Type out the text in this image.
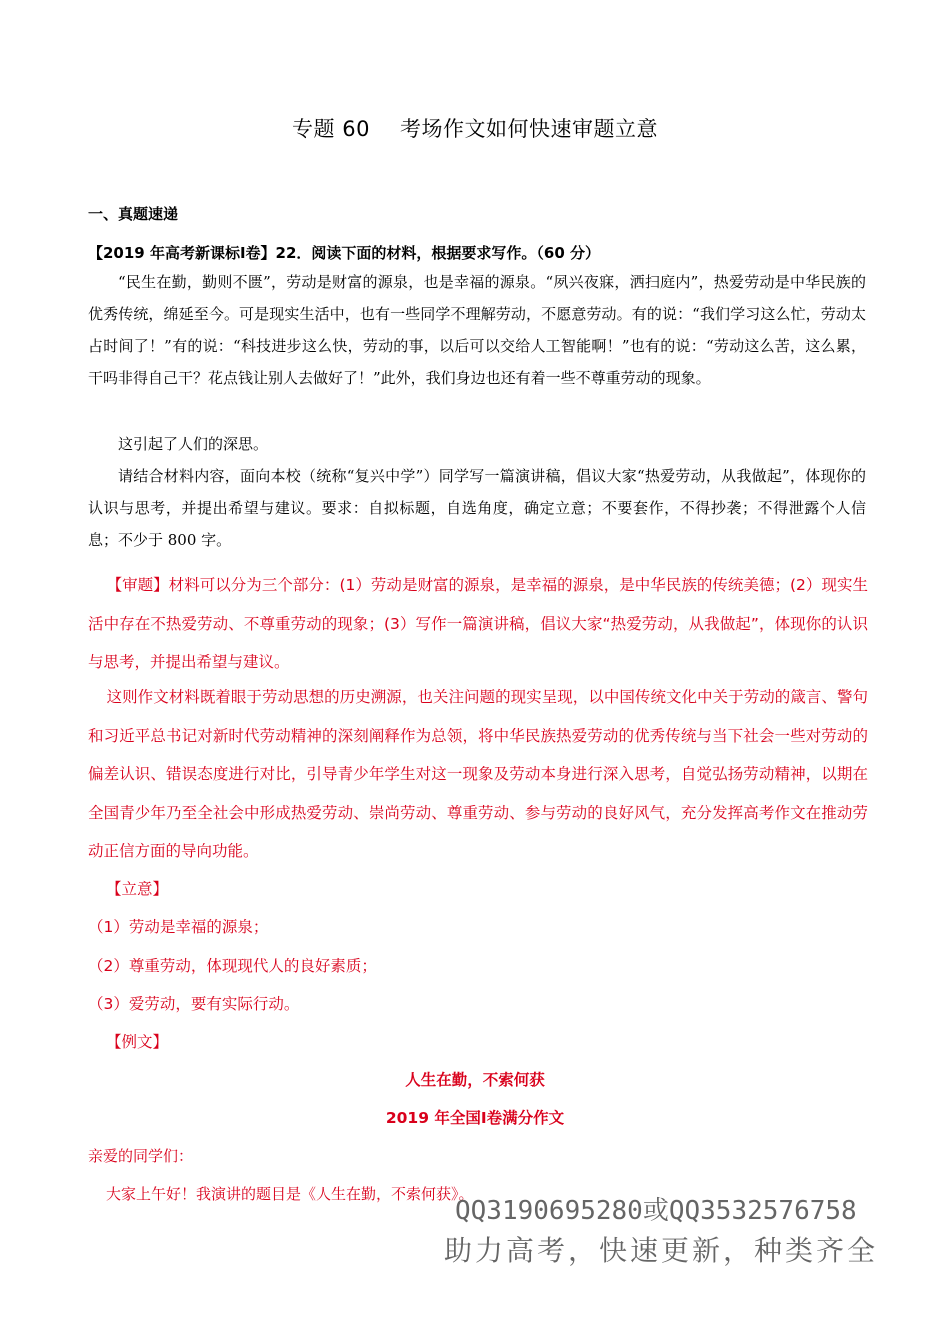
专题 60 考场作文如何快速审题立意
一、真题速递
【2019 年高考新课标Ⅰ卷】22．阅读下面的材料，根据要求写作。（60 分）

“民生在勤，勤则不匮”，劳动是财富的源泉，也是幸福的源泉。“夙兴夜寐，洒扫庭内”，热爱劳动是中华民族的优秀传统，绵延至今。可是现实生活中，也有一些同学不理解劳动，不愿意劳动。有的说：“我们学习这么忙，劳动太占时间了！”有的说：“科技进步这么快，劳动的事，以后可以交给人工智能啊！”也有的说：“劳动这么苦，这么累，干吗非得自己干？花点钱让别人去做好了！”此外，我们身边也还有着一些不尊重劳动的现象。

这引起了人们的深思。

请结合材料内容，面向本校（统称“复兴中学”）同学写一篇演讲稿，倡议大家“热爱劳动，从我做起”，体现你的认识与思考，并提出希望与建议。要求：自拟标题，自选角度，确定立意；不要套作，不得抄袭；不得泄露个人信息；不少于 800 字。

【审题】材料可以分为三个部分：(1）劳动是财富的源泉，是幸福的源泉，是中华民族的传统美德；(2）现实生活中存在不热爱劳动、不尊重劳动的现象；(3）写作一篇演讲稿，倡议大家“热爱劳动，从我做起”，体现你的认识与思考，并提出希望与建议。

这则作文材料既着眼于劳动思想的历史溯源，也关注问题的现实呈现，以中国传统文化中关于劳动的箴言、警句和习近平总书记对新时代劳动精神的深刻阐释作为总领，将中华民族热爱劳动的优秀传统与当下社会一些对劳动的偏差认识、错误态度进行对比，引导青少年学生对这一现象及劳动本身进行深入思考，自觉弘扬劳动精神，以期在全国青少年乃至全社会中形成热爱劳动、崇尚劳动、尊重劳动、参与劳动的良好风气，充分发挥高考作文在推动劳动正信方面的导向功能。

【立意】
（1）劳动是幸福的源泉；
（2）尊重劳动，体现现代人的良好素质；
（3）爱劳动，要有实际行动。
【例文】
人生在勤，不索何获
2019 年全国Ⅰ卷满分作文
亲爱的同学们：
大家上午好！我演讲的题目是《人生在勤，不索何获》。
QQ3190695280或QQ3532576758
助力高考，快速更新，种类齐全
